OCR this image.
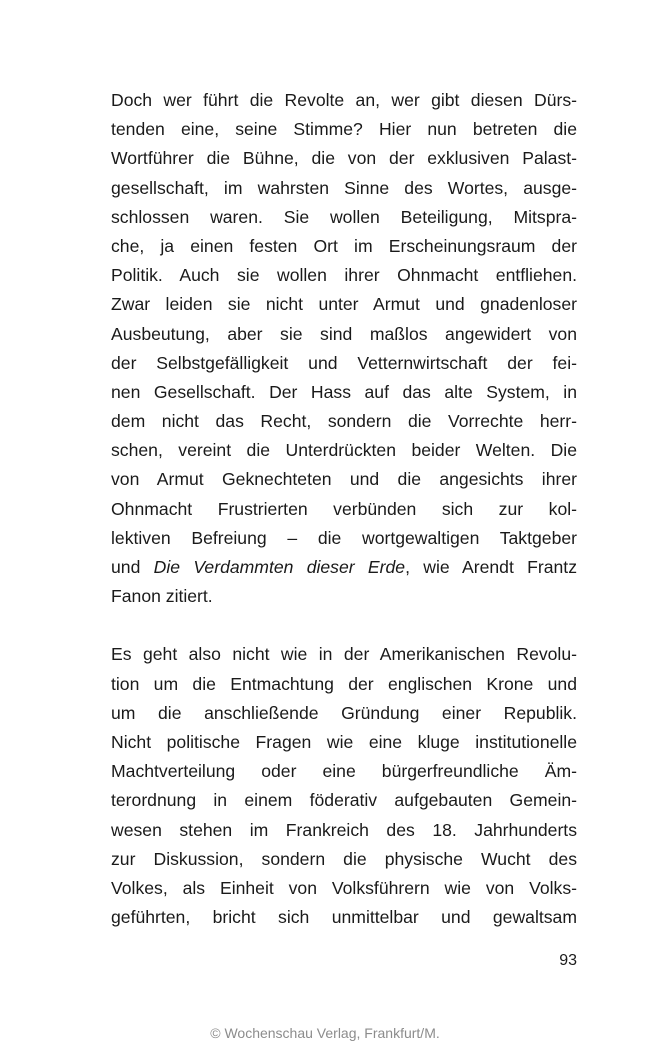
Doch wer führt die Revolte an, wer gibt diesen Dürs-
tenden eine, seine Stimme? Hier nun betreten die
Wortführer die Bühne, die von der exklusiven Palast-
gesellschaft, im wahrsten Sinne des Wortes, ausge-
schlossen waren. Sie wollen Beteiligung, Mitspra-
che, ja einen festen Ort im Erscheinungsraum der
Politik. Auch sie wollen ihrer Ohnmacht entfliehen.
Zwar leiden sie nicht unter Armut und gnadenloser
Ausbeutung, aber sie sind maßlos angewidert von
der Selbstgefälligkeit und Vetternwirtschaft der fei-
nen Gesellschaft. Der Hass auf das alte System, in
dem nicht das Recht, sondern die Vorrechte herr-
schen, vereint die Unterdrückten beider Welten. Die
von Armut Geknechteten und die angesichts ihrer
Ohnmacht Frustrierten verbünden sich zur kol-
lektiven Befreiung – die wortgewaltigen Taktgeber
und Die Verdammten dieser Erde, wie Arendt Frantz
Fanon zitiert.
Es geht also nicht wie in der Amerikanischen Revolu-
tion um die Entmachtung der englischen Krone und
um die anschließende Gründung einer Republik.
Nicht politische Fragen wie eine kluge institutionelle
Machtverteilung oder eine bürgerfreundliche Äm-
terordnung in einem föderativ aufgebauten Gemein-
wesen stehen im Frankreich des 18. Jahrhunderts
zur Diskussion, sondern die physische Wucht des
Volkes, als Einheit von Volksführern wie von Volks-
geführten, bricht sich unmittelbar und gewaltsam
93
© Wochenschau Verlag, Frankfurt/M.
